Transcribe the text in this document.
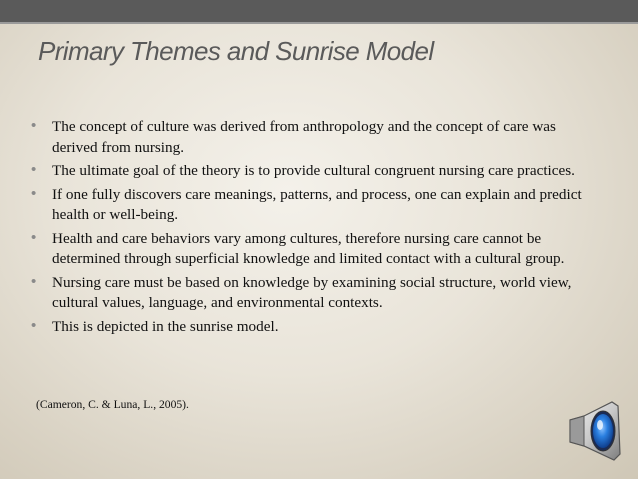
Primary Themes and Sunrise Model
• The concept of culture was derived from anthropology and the concept of care was derived from nursing.
• The ultimate goal of the theory is to provide cultural congruent nursing care practices.
• If one fully discovers care meanings, patterns, and process, one can explain and predict health or well-being.
• Health and care behaviors vary among cultures, therefore nursing care cannot be determined through superficial knowledge and limited contact with a cultural group.
• Nursing care must be based on knowledge by examining social structure, world view, cultural values, language, and environmental contexts.
• This is depicted in the sunrise model.
(Cameron, C. & Luna, L., 2005).
